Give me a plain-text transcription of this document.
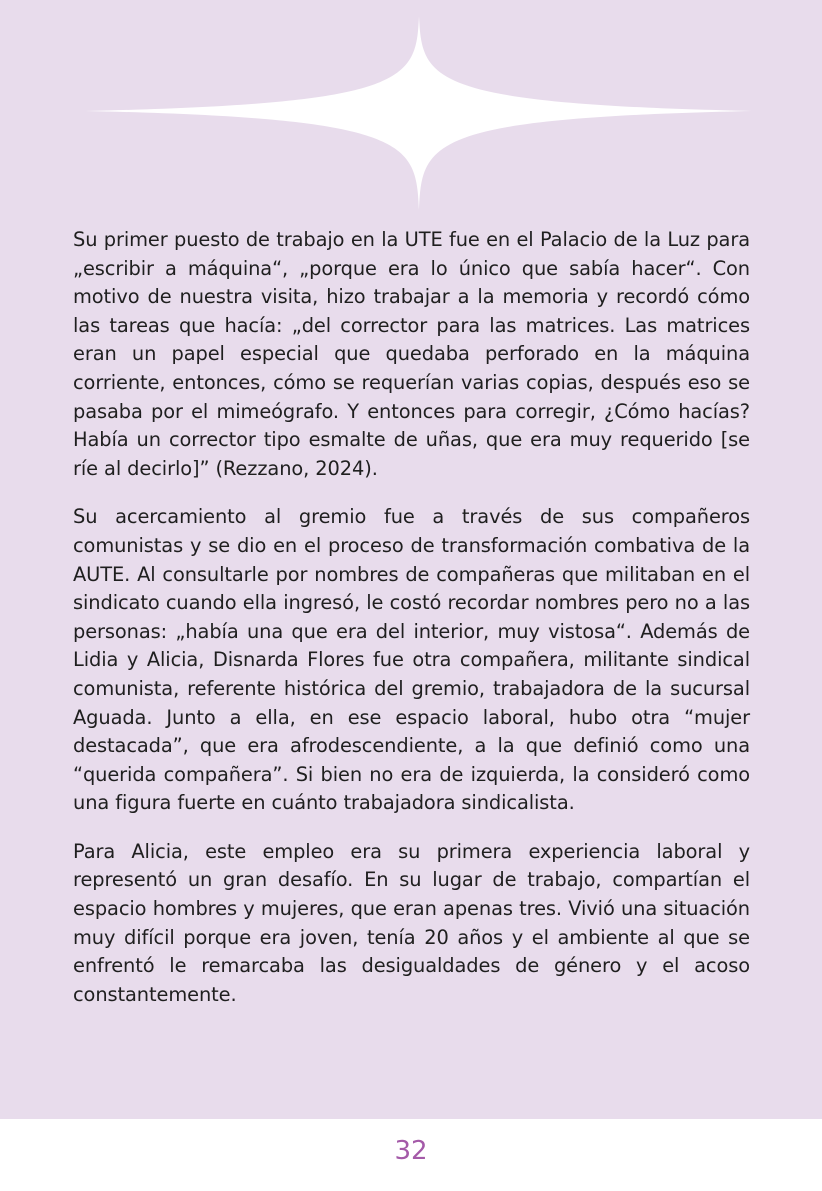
Su primer puesto de trabajo en la UTE fue en el Palacio de la Luz para „escribir a máquina“, „porque era lo único que sabía hacer“. Con motivo de nuestra visita, hizo trabajar a la memoria y recordó cómo las tareas que hacía: „del corrector para las matrices. Las matrices eran un papel especial que quedaba perforado en la máquina corriente, entonces, cómo se requerían varias copias, después eso se pasaba por el mimeógrafo. Y entonces para corregir, ¿Cómo hacías? Había un corrector tipo esmalte de uñas, que era muy requerido [se ríe al decirlo]” (Rezzano, 2024).

Su acercamiento al gremio fue a través de sus compañeros comunistas y se dio en el proceso de transformación combativa de la AUTE. Al consultarle por nombres de compañeras que militaban en el sindicato cuando ella ingresó, le costó recordar nombres pero no a las personas: „había una que era del interior, muy vistosa“. Además de Lidia y Alicia, Disnarda Flores fue otra compañera, militante sindical comunista, referente histórica del gremio, trabajadora de la sucursal Aguada. Junto a ella, en ese espacio laboral, hubo otra “mujer destacada”, que era afrodescendiente, a la que definió como una “querida compañera”. Si bien no era de izquierda, la consideró como una figura fuerte en cuánto trabajadora sindicalista.

Para Alicia, este empleo era su primera experiencia laboral y representó un gran desafío. En su lugar de trabajo, compartían el espacio hombres y mujeres, que eran apenas tres. Vivió una situación muy difícil porque era joven, tenía 20 años y el ambiente al que se enfrentó le remarcaba las desigualdades de género y el acoso constantemente.

32
